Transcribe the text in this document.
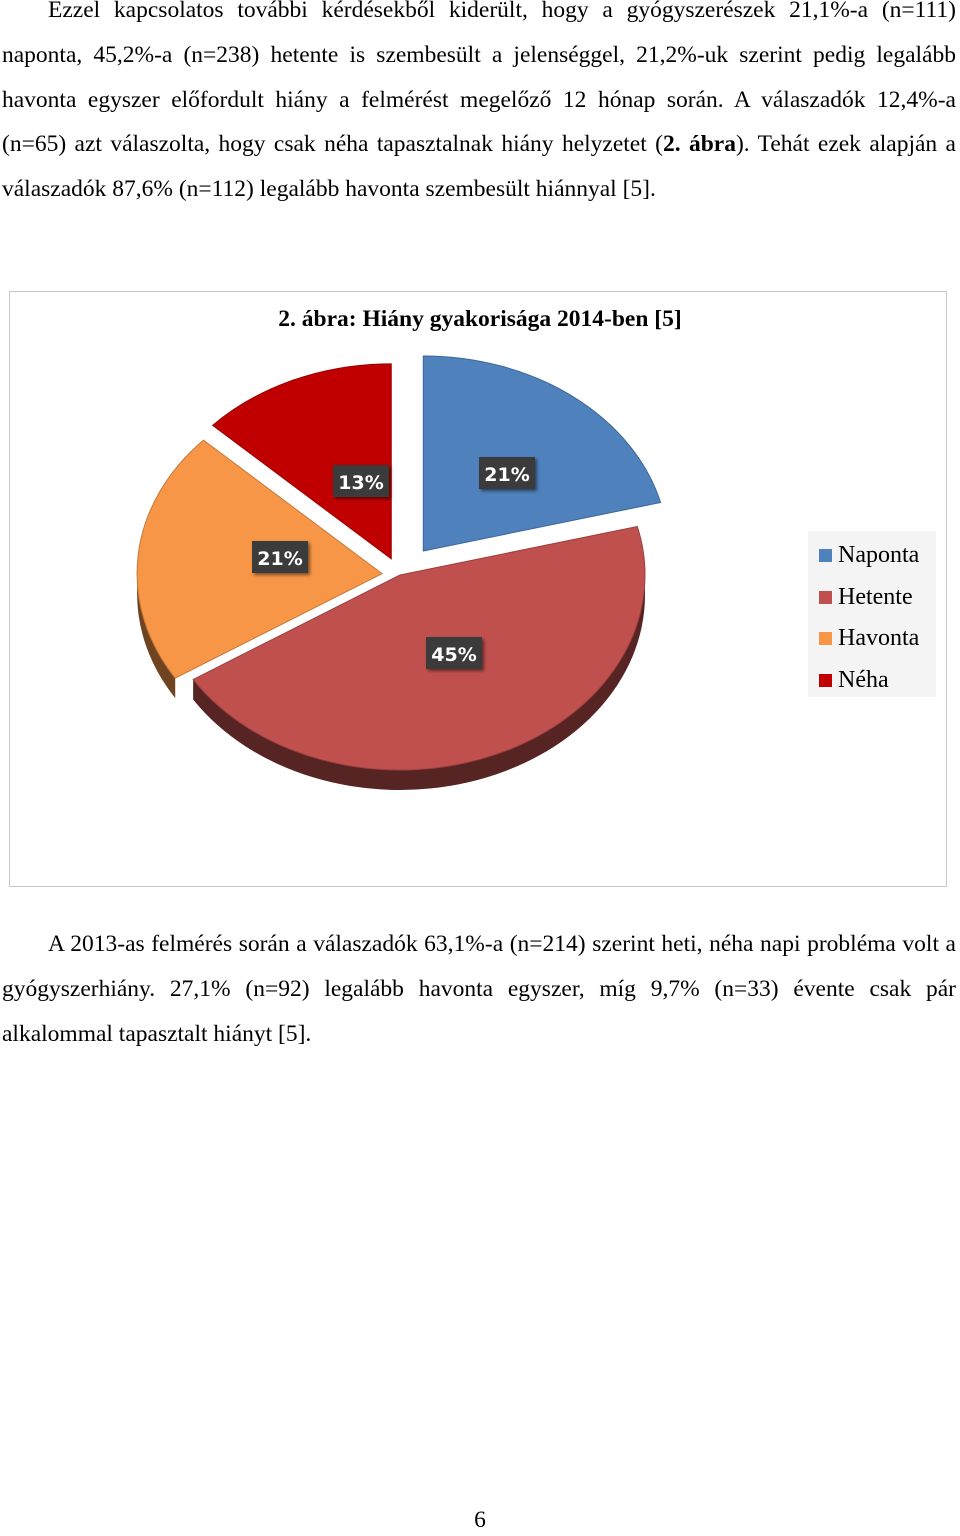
Ezzel kapcsolatos további kérdésekből kiderült, hogy a gyógyszerészek 21,1%-a (n=111) naponta, 45,2%-a (n=238) hetente is szembesült a jelenséggel, 21,2%-uk szerint pedig legalább havonta egyszer előfordult hiány a felmérést megelőző 12 hónap során. A válaszadók 12,4%-a (n=65) azt válaszolta, hogy csak néha tapasztalnak hiány helyzetet (2. ábra). Tehát ezek alapján a válaszadók 87,6% (n=112) legalább havonta szembesült hiánnyal [5].

2. ábra: Hiány gyakorisága 2014-ben [5]
21%
45%
21%
13%
Naponta
Hetente
Havonta
Néha

A 2013-as felmérés során a válaszadók 63,1%-a (n=214) szerint heti, néha napi probléma volt a gyógyszerhiány. 27,1% (n=92) legalább havonta egyszer, míg 9,7% (n=33) évente csak pár alkalommal tapasztalt hiányt [5].

6
